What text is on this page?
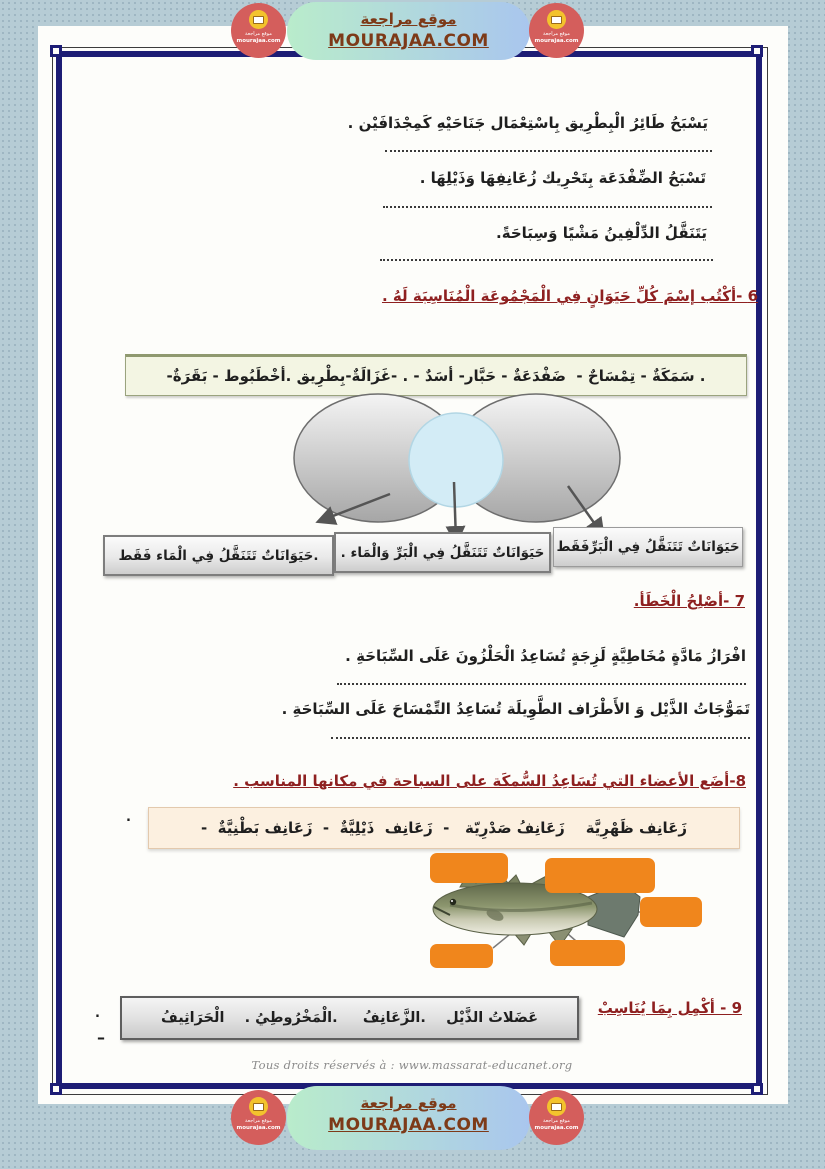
يَسْبَحُ طَائِرُ الْبِطْرِيق بِاسْتِعْمَال جَنَاحَيْهِ كَمِجْدَافَيْن .
تَسْبَحُ الضِّفْدَعَة بِتَحْرِيك زُعَانِفِهَا وَذَيْلِهَا .
يَتَنَقَّلُ الدِّلْفِينُ مَشْيًا وَسِبَاحَةً.
6 -أكْتُب إسْمَ كُلِّ حَيَوَانٍ فِي الْمَجْمُوعَة الْمُنَاسِبَة لَهُ .
. سَمَكَةٌ - تِمْسَاحٌ -  ضَفْدَعَةٌ - حَبَّار- أسَدٌ - . -غَزَالَةٌ-بِطْرِيق .أخْطَبُوط - بَقَرَةٌ-
.حَيَوَانَاتٌ تَتَنَقَّلُ فِي الْمَاء فَقَط	حَيَوَانَاتٌ تَتَنَقَّلُ فِي الْبَرِّ وَالْمَاء . حَيَوَانَاتٌ تَتَنَقَّلُ فِي الْبَرِّفَقَط
7 -أصْلِحُ الْخَطَأ.
افْرَازُ مَادَّةٍ مُخَاطِيَّةٍ لَزِجَةٍ تُسَاعِدُ الْحَلْزُونَ عَلَى السِّبَاحَةِ .
تَمَوُّجَاتُ الذَّيْل وَ الأَطْرَاف الطَّوِيلَة تُسَاعِدُ التِّمْسَاحَ عَلَى السِّبَاحَةِ .
8-أضَع الأعضاء التي تُسَاعِدُ السُّمكَة على السباحة في مكانها المناسب .
زَعَانِف ظَهْرِيَّة    زَعَانِفُ صَدْرِيّة   -  زَعَانِف  ذَيْلِيَّةٌ  -  زَعَانِف بَطْنِيَّةٌ  -
.
9 - أكْمِل بِمَا يُنَاسِبْ
عَضَلاتُ الذَّيْل    .الزَّعَانِفُ     .الْمَخْرُوطِيُ .    الْحَرَاثِيفُ
.
–
Tous droits réservés à : www.massarat-educanet.org
موقع مراجعة
MOURAJAA.COM
موقع مراجعة
mourajaa.com
موقع مراجعة
mourajaa.com
موقع مراجعة
MOURAJAA.COM
موقع مراجعة
mourajaa.com
موقع مراجعة
mourajaa.com
